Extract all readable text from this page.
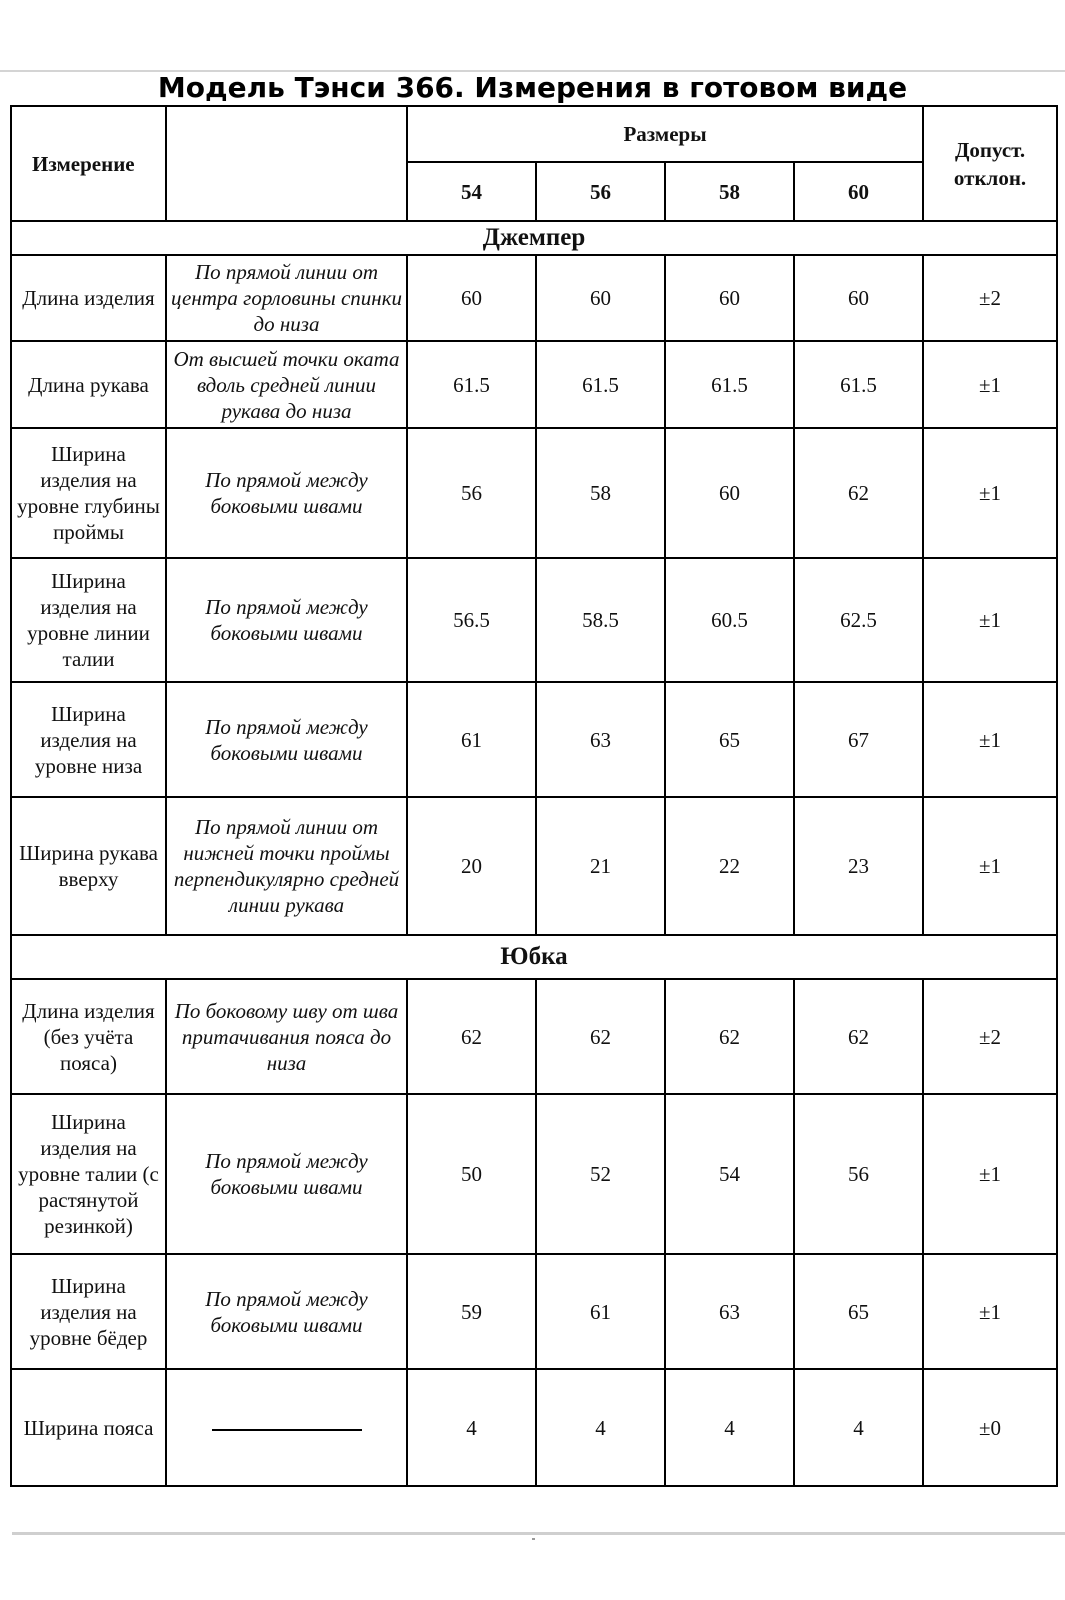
Модель Тэнси 366. Измерения в готовом виде
Измерение		Размеры				Допуст. отклон.
		54	56	58	60	
Джемпер						
Длина изделия	По прямой линии от центра горловины спинки до низа	60	60	60	60	±2
Длина рукава	От высшей точки оката вдоль средней линии рукава до низа	61.5	61.5	61.5	61.5	±1
Ширина изделия на уровне глубины проймы	По прямой между боковыми швами	56	58	60	62	±1
Ширина изделия на уровне линии талии	По прямой между боковыми швами	56.5	58.5	60.5	62.5	±1
Ширина изделия на уровне низа	По прямой между боковыми швами	61	63	65	67	±1
Ширина рукава вверху	По прямой линии от нижней точки проймы перпендикулярно средней линии рукава	20	21	22	23	±1
Юбка						
Длина изделия (без учёта пояса)	По боковому шву от шва притачивания пояса до низа	62	62	62	62	±2
Ширина изделия на уровне талии (с растянутой резинкой)	По прямой между боковыми швами	50	52	54	56	±1
Ширина изделия на уровне бёдер	По прямой между боковыми швами	59	61	63	65	±1
Ширина пояса		4	4	4	4	±0
